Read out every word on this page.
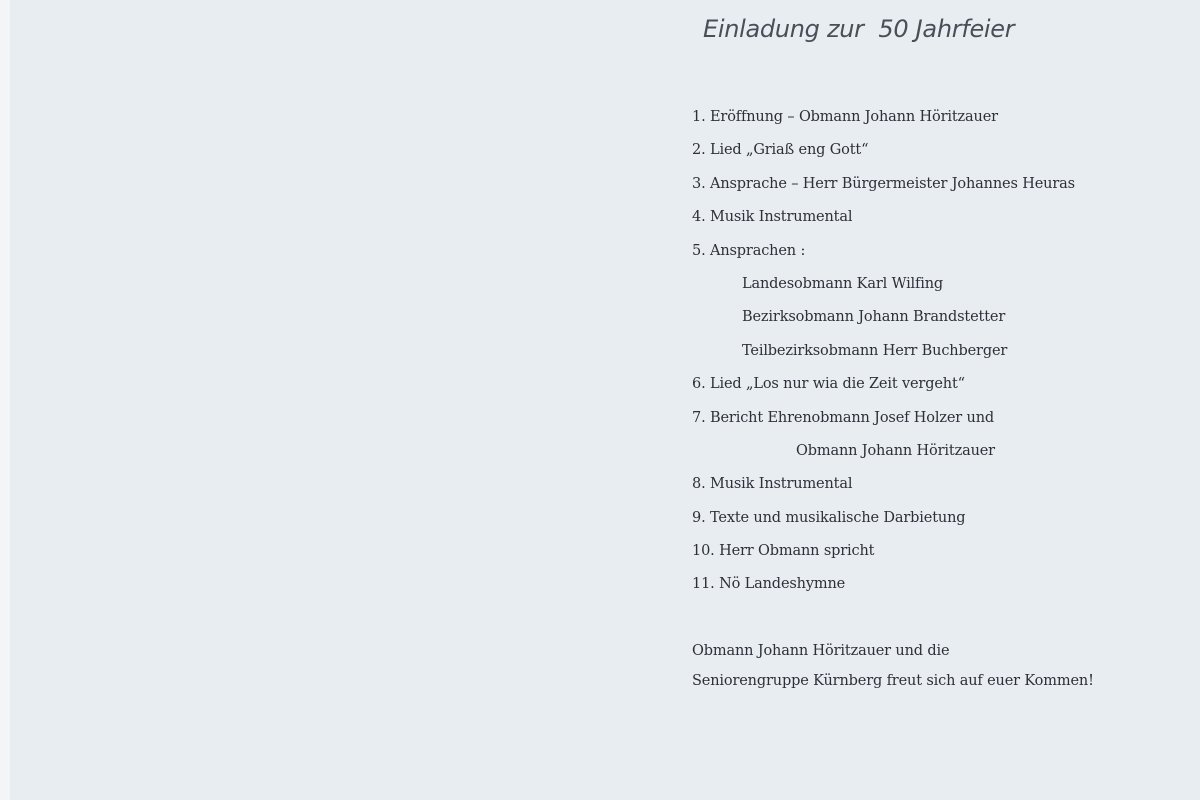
Einladung zur  50 Jahrfeier
1. Eröffnung – Obmann Johann Höritzauer
2. Lied „Griaß eng Gott“
3. Ansprache – Herr Bürgermeister Johannes Heuras
4. Musik Instrumental
5. Ansprachen :
Landesobmann Karl Wilfing
Bezirksobmann Johann Brandstetter
Teilbezirksobmann Herr Buchberger
6. Lied „Los nur wia die Zeit vergeht“
7. Bericht Ehrenobmann Josef Holzer und
Obmann Johann Höritzauer
8. Musik Instrumental
9. Texte und musikalische Darbietung
10. Herr Obmann spricht
11. Nö Landeshymne
Obmann Johann Höritzauer und die
Seniorengruppe Kürnberg freut sich auf euer Kommen!
